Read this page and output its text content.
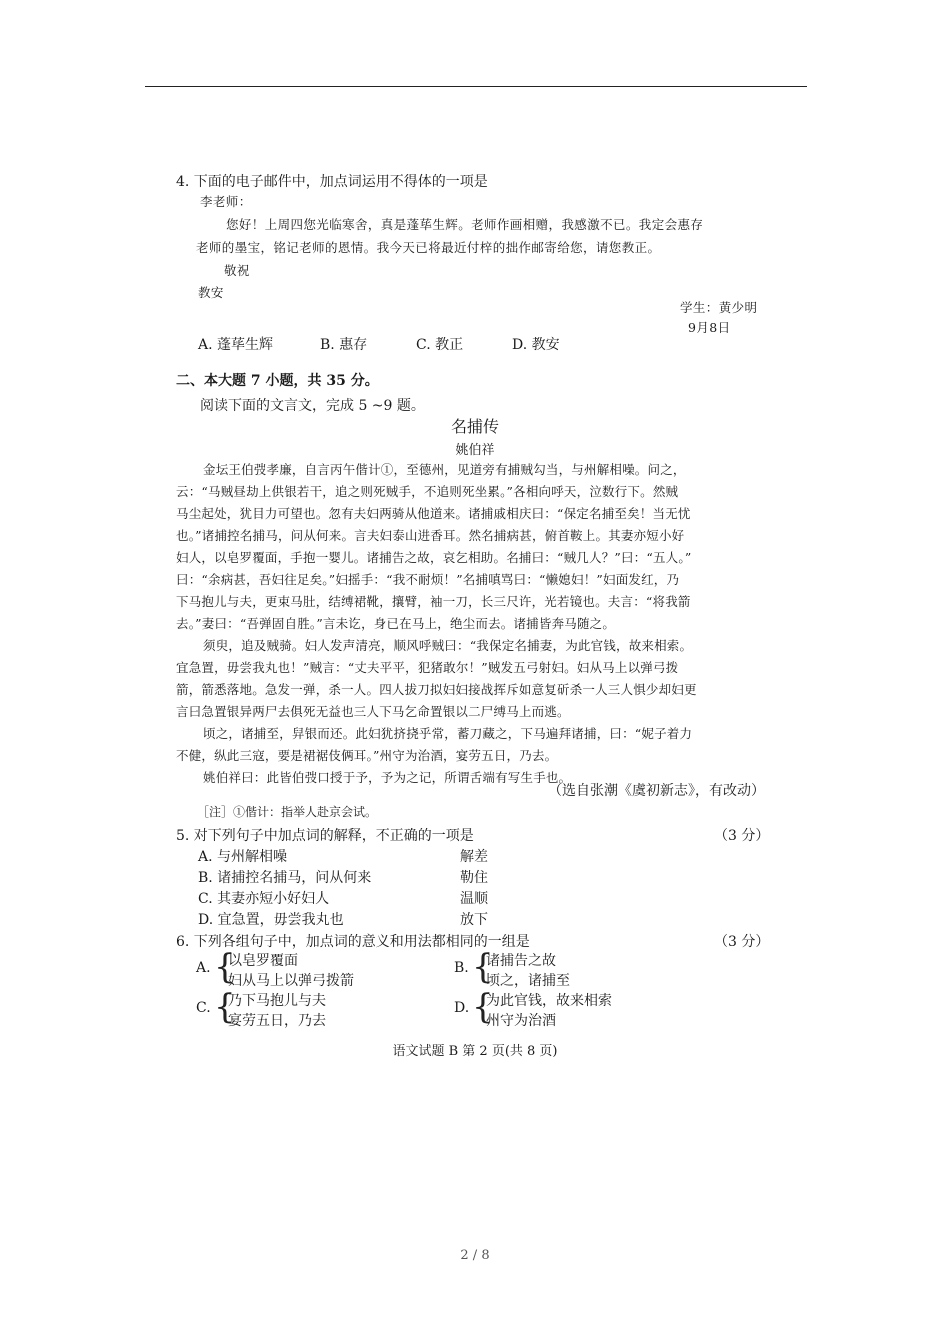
4. 下面的电子邮件中，加点词运用不得体的一项是
李老师：
您好！上周四您光临寒舍，真是蓬荜生辉。老师作画相赠，我感激不已。我定会惠存
老师的墨宝，铭记老师的恩情。我今天已将最近付梓的拙作邮寄给您，请您教正。
敬祝
教安
学生：黄少明
9月8日
A. 蓬荜生辉	B. 惠存	C. 教正	D. 教安
二、本大题 7 小题，共 35 分。
阅读下面的文言文，完成 5 ~9 题。
名捕传
姚伯祥
金坛王伯弢孝廉，自言丙午偕计①，至德州，见道旁有捕贼勾当，与州解相噪。问之，
云：“马贼昼劫上供银若干，追之则死贼手，不追则死坐累。”各相向呼天，泣数行下。然贼
马尘起处，犹目力可望也。忽有夫妇两骑从他道来。诸捕戚相庆曰：“保定名捕至矣！当无忧
也。”诸捕控名捕马，问从何来。言夫妇泰山进香耳。然名捕病甚，俯首鞍上。其妻亦短小好
妇人，以皂罗覆面，手抱一婴儿。诸捕告之故，哀乞相助。名捕曰：“贼几人？”曰：“五人。”
曰：“余病甚，吾妇往足矣。”妇摇手：“我不耐烦！”名捕嗔骂曰：“懒媳妇！”妇面发红，乃
下马抱儿与夫，更束马肚，结缚裙靴，攘臂，袖一刀，长三尺许，光若镜也。夫言：“将我箭
去。”妻曰：“吾弹固自胜。”言未讫，身已在马上，绝尘而去。诸捕皆奔马随之。
须臾，追及贼骑。妇人发声清亮，顺风呼贼曰：“我保定名捕妻，为此官钱，故来相索。
宜急置，毋尝我丸也！”贼言：“丈夫平平，犯猪敢尔！”贼发五弓射妇。妇从马上以弹弓拨
箭，箭悉落地。急发一弹，杀一人。四人拔刀拟妇妇接战挥斥如意复斫杀一人三人惧少却妇更
言曰急置银异两尸去俱死无益也三人下马乞命置银以二尸缚马上而逃。
顷之，诸捕至，舁银而还。此妇犹挤挠乎常，蓄刀藏之，下马遍拜诸捕，曰：“妮子着力
不健，纵此三寇，要是裙裾伎俩耳。”州守为治酒，宴劳五日，乃去。
姚伯祥曰：此皆伯弢口授于予，予为之记，所谓舌端有写生手也。
（选自张潮《虞初新志》，有改动）
［注］①偕计：指举人赴京会试。
5. 对下列句子中加点词的解释，不正确的一项是	（3 分）
A. 与州解相噪	解差
B. 诸捕控名捕马，问从何来	勒住
C. 其妻亦短小好妇人	温顺
D. 宜急置，毋尝我丸也	放下
6. 下列各组句子中，加点词的意义和用法都相同的一组是	（3 分）
A. {
以皂罗覆面
妇从马上以弹弓拨箭
B. {
诸捕告之故
顷之，诸捕至
C. {
乃下马抱儿与夫
宴劳五日，乃去
D. {
为此官钱，故来相索
州守为治酒
语文试题 B 第 2 页(共 8 页)
2 / 8
